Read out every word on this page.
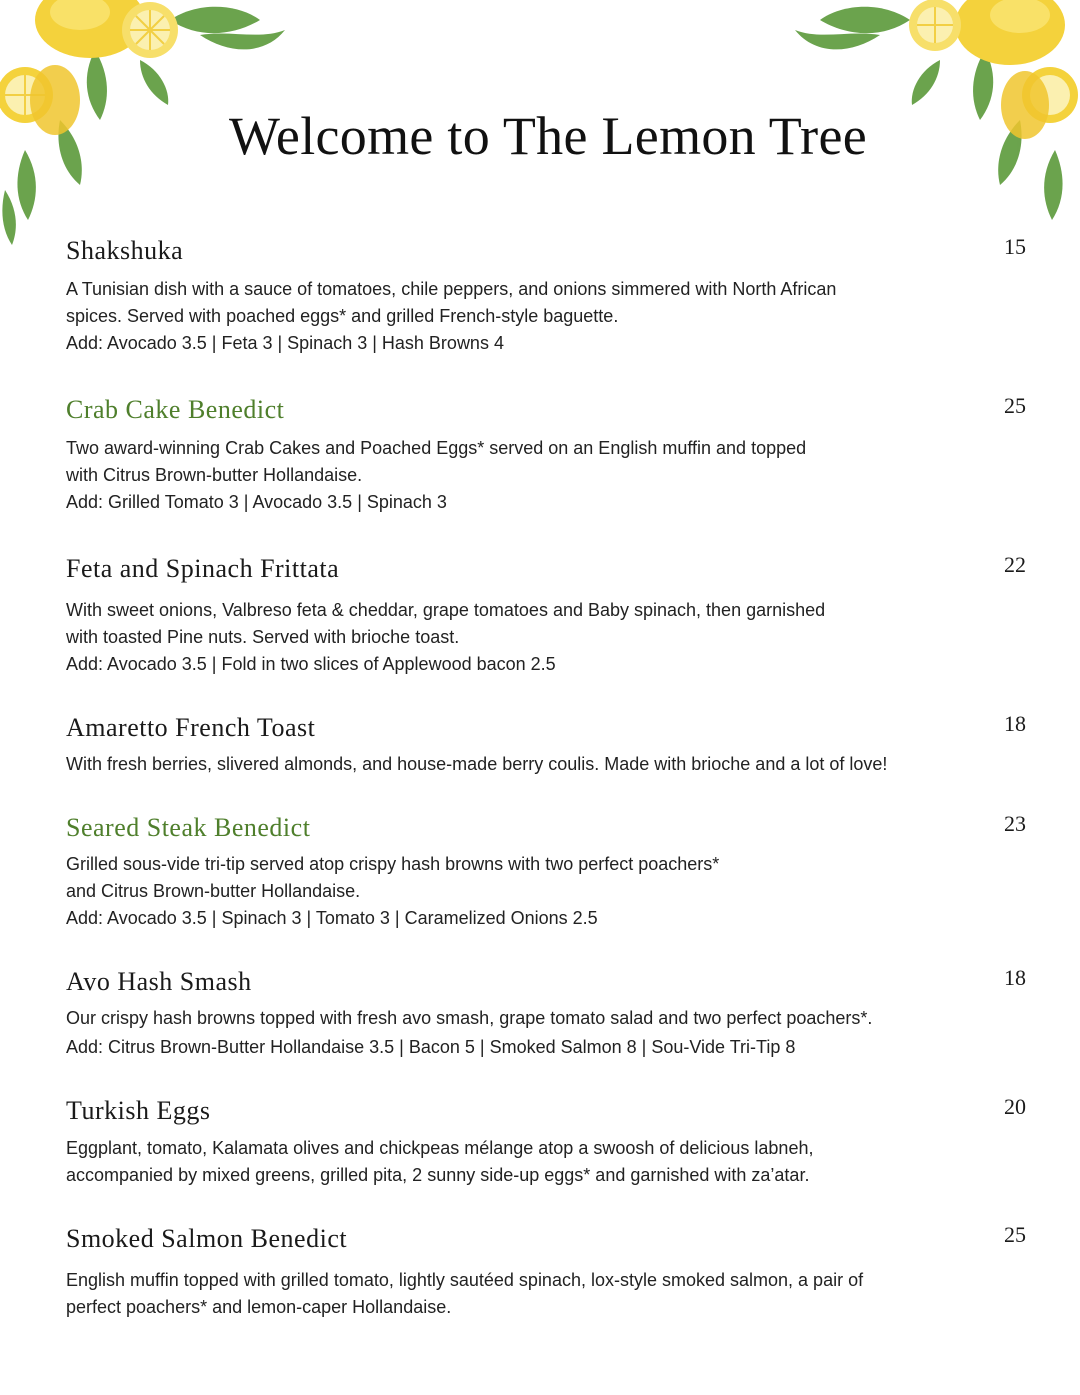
Welcome to The Lemon Tree
Shakshuka	15

A Tunisian dish with a sauce of tomatoes, chile peppers, and onions simmered with North African

spices. Served with poached eggs* and grilled French-style baguette.

Add: Avocado 3.5 | Feta 3 | Spinach 3 | Hash Browns 4

Crab Cake Benedict	25

Two award-winning Crab Cakes and Poached Eggs* served on an English muffin and topped

with Citrus Brown-butter Hollandaise.

Add: Grilled Tomato 3 | Avocado 3.5 | Spinach 3

Feta and Spinach Frittata	22

With sweet onions, Valbreso feta & cheddar, grape tomatoes and Baby spinach, then garnished

with toasted Pine nuts. Served with brioche toast.

Add: Avocado 3.5 | Fold in two slices of Applewood bacon 2.5

Amaretto French Toast	18

With fresh berries, slivered almonds, and house-made berry coulis. Made with brioche and a lot of love!

Seared Steak Benedict	23

Grilled sous-vide tri-tip served atop crispy hash browns with two perfect poachers*

and Citrus Brown-butter Hollandaise.

Add: Avocado 3.5 | Spinach 3 | Tomato 3 | Caramelized Onions 2.5

Avo Hash Smash	18

Our crispy hash browns topped with fresh avo smash, grape tomato salad and two perfect poachers*.

Add: Citrus Brown-Butter Hollandaise 3.5 | Bacon 5 | Smoked Salmon 8 | Sou-Vide Tri-Tip 8

Turkish Eggs	20

Eggplant, tomato, Kalamata olives and chickpeas mélange atop a swoosh of delicious labneh,

accompanied by mixed greens, grilled pita, 2 sunny side-up eggs* and garnished with za’atar.

Smoked Salmon Benedict	25

English muffin topped with grilled tomato, lightly sautéed spinach, lox-style smoked salmon, a pair of

perfect poachers* and lemon-caper Hollandaise.
